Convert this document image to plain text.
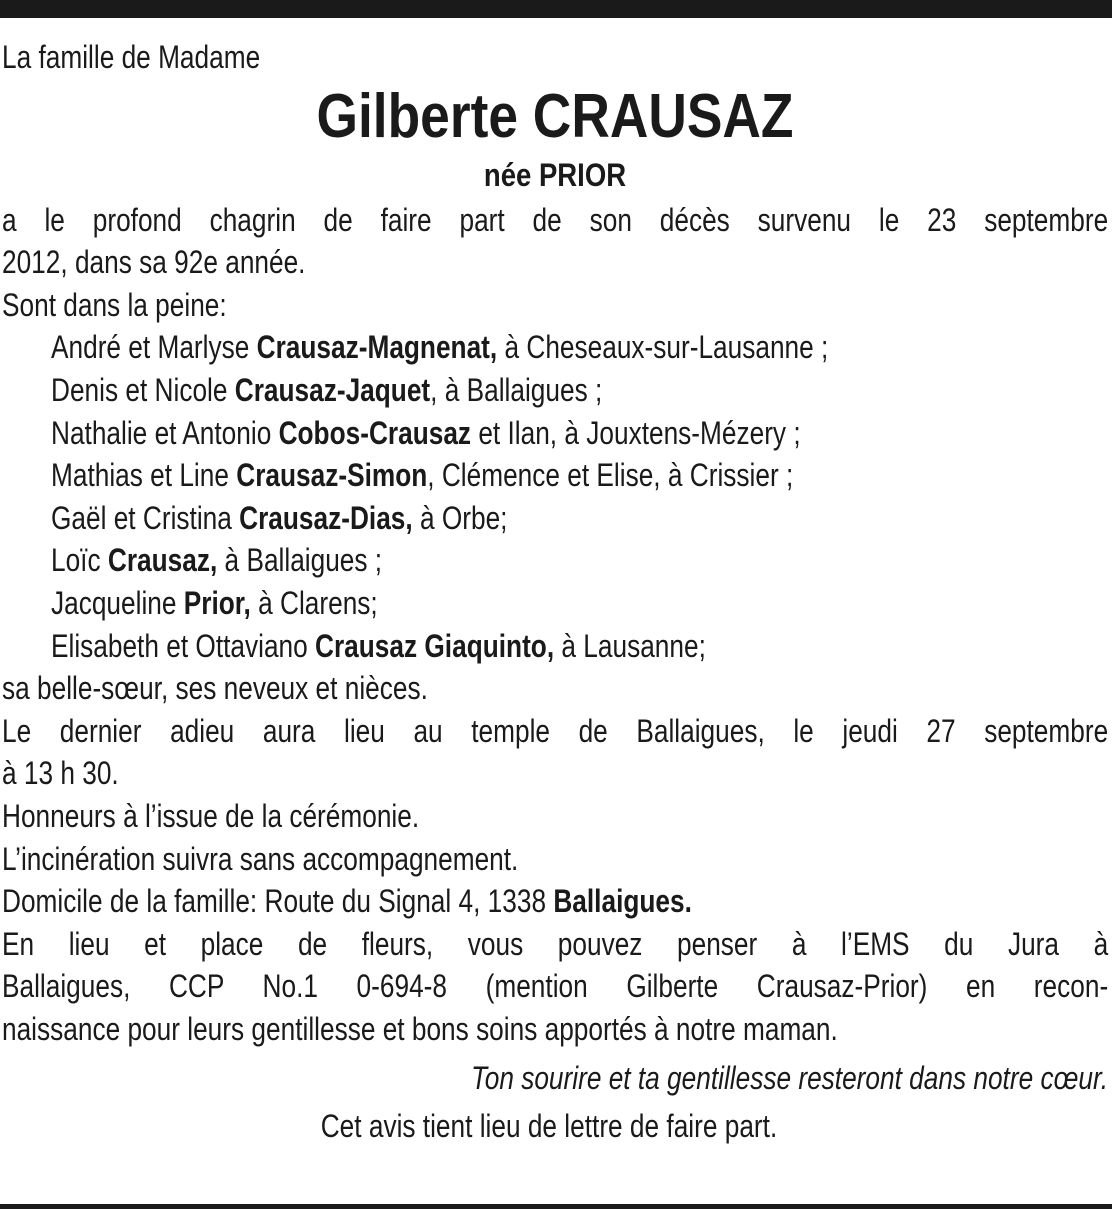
La famille de Madame
Gilberte CRAUSAZ
née PRIOR
a le profond chagrin de faire part de son décès survenu le 23 septembre
2012, dans sa 92e année.
Sont dans la peine:
André et Marlyse Crausaz-Magnenat, à Cheseaux-sur-Lausanne ;
Denis et Nicole Crausaz-Jaquet, à Ballaigues ;
Nathalie et Antonio Cobos-Crausaz et Ilan, à Jouxtens-Mézery ;
Mathias et Line Crausaz-Simon, Clémence et Elise, à Crissier ;
Gaël et Cristina Crausaz-Dias, à Orbe;
Loïc Crausaz, à Ballaigues ;
Jacqueline Prior, à Clarens;
Elisabeth et Ottaviano Crausaz Giaquinto, à Lausanne;
sa belle-sœur, ses neveux et nièces.
Le dernier adieu aura lieu au temple de Ballaigues, le jeudi 27 septembre
à 13 h 30.
Honneurs à l’issue de la cérémonie.
L’incinération suivra sans accompagnement.
Domicile de la famille: Route du Signal 4, 1338 Ballaigues.
En lieu et place de fleurs, vous pouvez penser à l’EMS du Jura à
Ballaigues, CCP No.1 0-694-8 (mention Gilberte Crausaz-Prior) en recon-
naissance pour leurs gentillesse et bons soins apportés à notre maman.
Ton sourire et ta gentillesse resteront dans notre cœur.
Cet avis tient lieu de lettre de faire part.
